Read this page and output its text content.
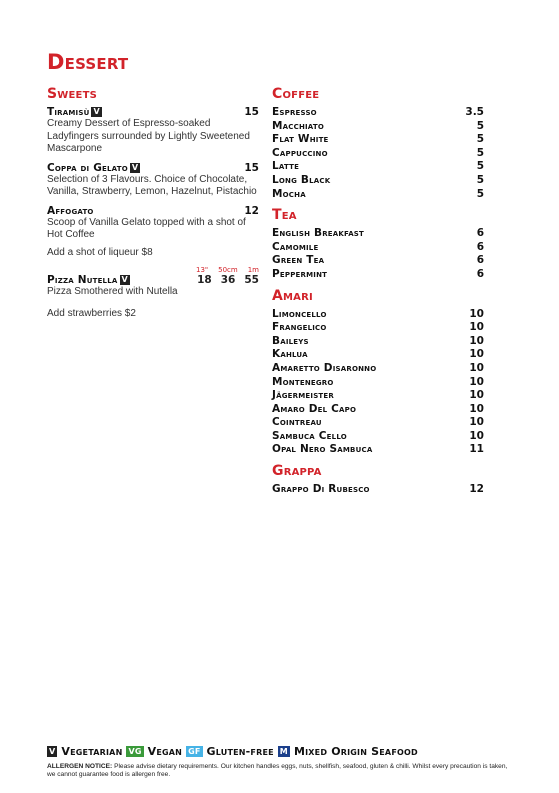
Dessert
Sweets
Tiramisù V	15
Creamy Dessert of Espresso-soaked Ladyfingers surrounded by Lightly Sweetened Mascarpone
Coppa di Gelato V	15
Selection of 3 Flavours. Choice of Chocolate, Vanilla, Strawberry, Lemon, Hazelnut, Pistachio
Affogato	12
Scoop of Vanilla Gelato topped with a shot of Hot Coffee
Add a shot of liqueur $8
13" 50cm 1m
Pizza Nutella V	18 36 55
Pizza Smothered with Nutella
Add strawberries $2
Coffee
Espresso	3.5
Macchiato	5
Flat White	5
Cappuccino	5
Latte	5
Long Black	5
Mocha	5
Tea
English Breakfast	6
Camomile	6
Green Tea	6
Peppermint	6
Amari
Limoncello	10
Frangelico	10
Baileys	10
Kahlua	10
Amaretto Disaronno	10
Montenegro	10
Jägermeister	10
Amaro Del Capo	10
Cointreau	10
Sambuca Cello	10
Opal Nero Sambuca	11
Grappa
Grappo Di Rubesco	12
V Vegetarian VG Vegan GF Gluten-free M Mixed Origin Seafood
ALLERGEN NOTICE: Please advise dietary requirements. Our kitchen handles eggs, nuts, shellfish, seafood, gluten & chilli. Whilst every precaution is taken, we cannot guarantee food is allergen free.
